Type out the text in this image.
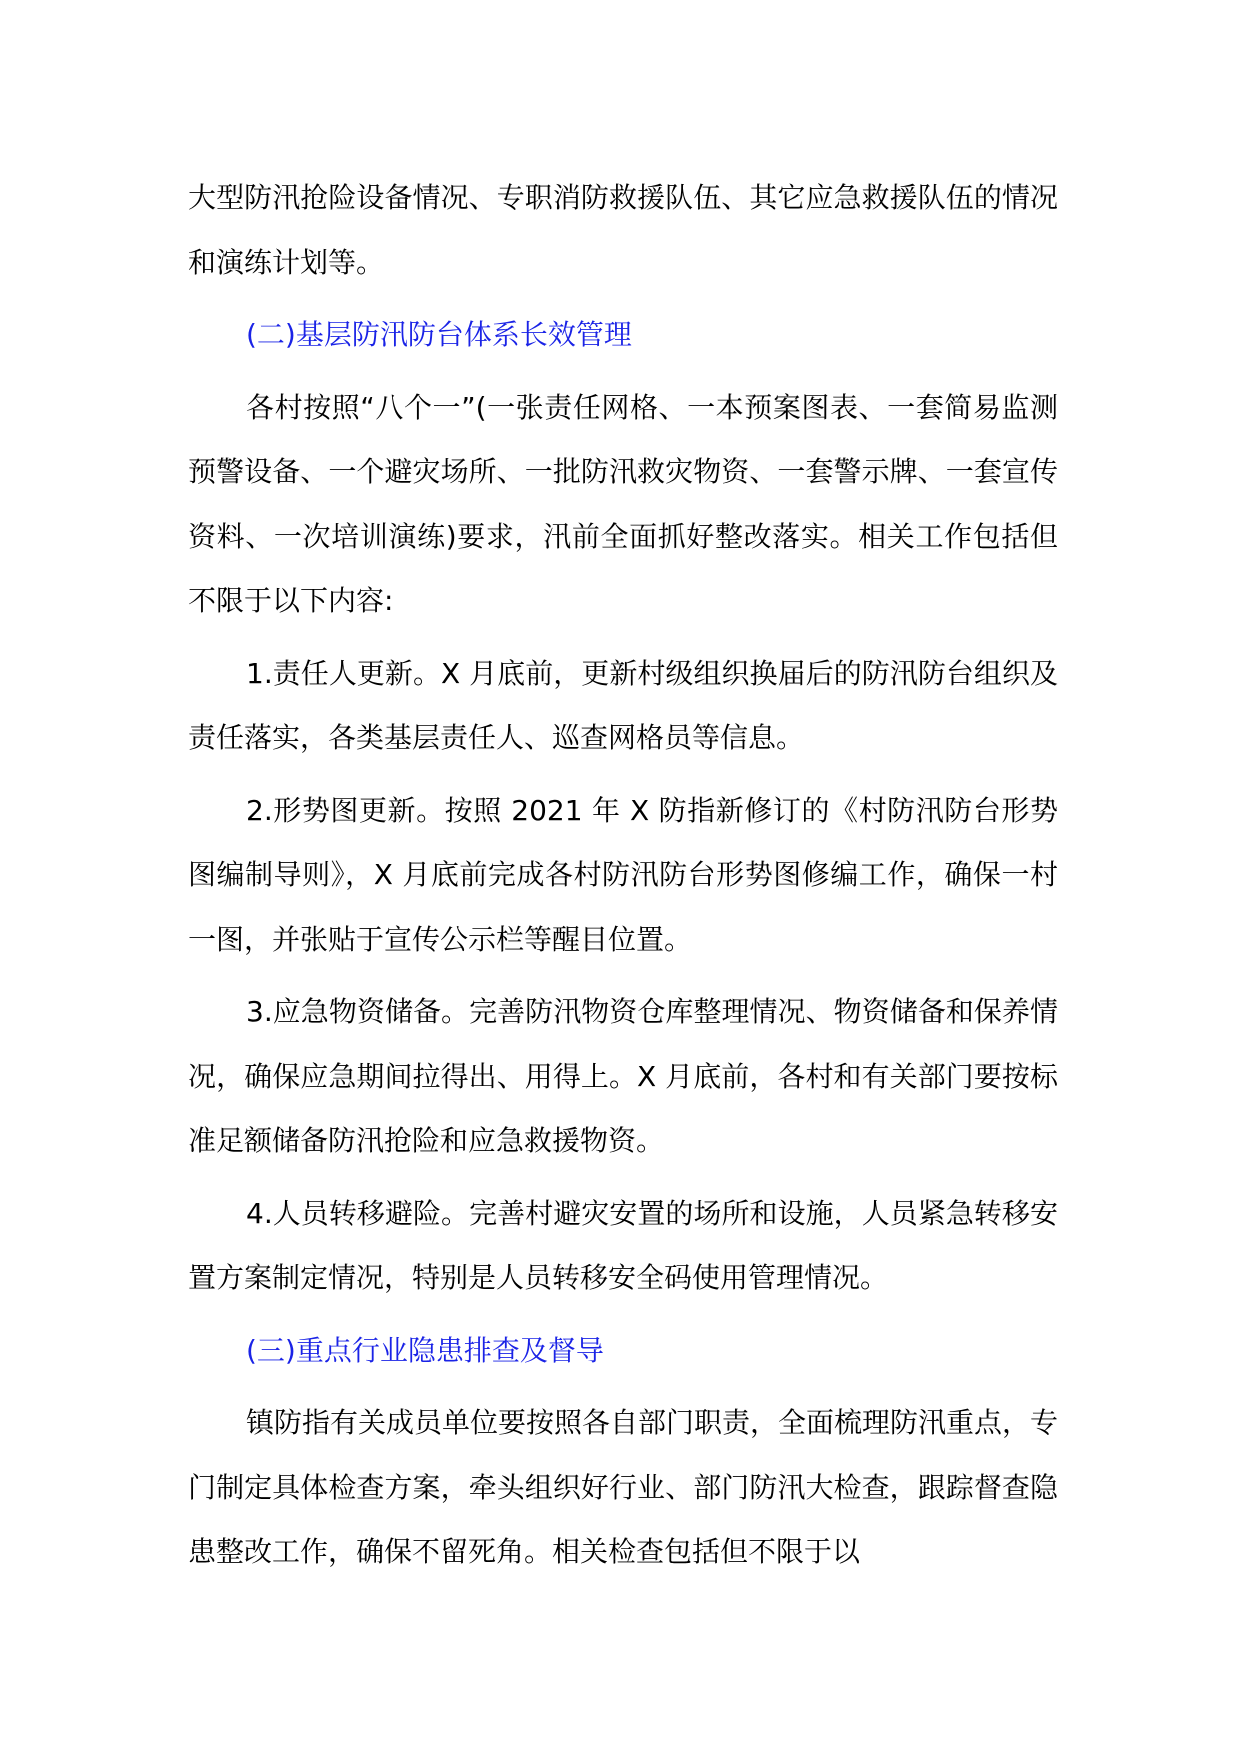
大型防汛抢险设备情况、专职消防救援队伍、其它应急救援队伍的情况和演练计划等。

(二)基层防汛防台体系长效管理

各村按照“八个一”(一张责任网格、一本预案图表、一套简易监测预警设备、一个避灾场所、一批防汛救灾物资、一套警示牌、一套宣传资料、一次培训演练)要求，汛前全面抓好整改落实。相关工作包括但不限于以下内容:

1.责任人更新。X 月底前，更新村级组织换届后的防汛防台组织及责任落实，各类基层责任人、巡查网格员等信息。

2.形势图更新。按照 2021 年 X 防指新修订的《村防汛防台形势图编制导则》，X 月底前完成各村防汛防台形势图修编工作，确保一村一图，并张贴于宣传公示栏等醒目位置。

3.应急物资储备。完善防汛物资仓库整理情况、物资储备和保养情况，确保应急期间拉得出、用得上。X 月底前，各村和有关部门要按标准足额储备防汛抢险和应急救援物资。

4.人员转移避险。完善村避灾安置的场所和设施，人员紧急转移安置方案制定情况，特别是人员转移安全码使用管理情况。

(三)重点行业隐患排查及督导

镇防指有关成员单位要按照各自部门职责，全面梳理防汛重点，专门制定具体检查方案，牵头组织好行业、部门防汛大检查，跟踪督查隐患整改工作，确保不留死角。相关检查包括但不限于以
